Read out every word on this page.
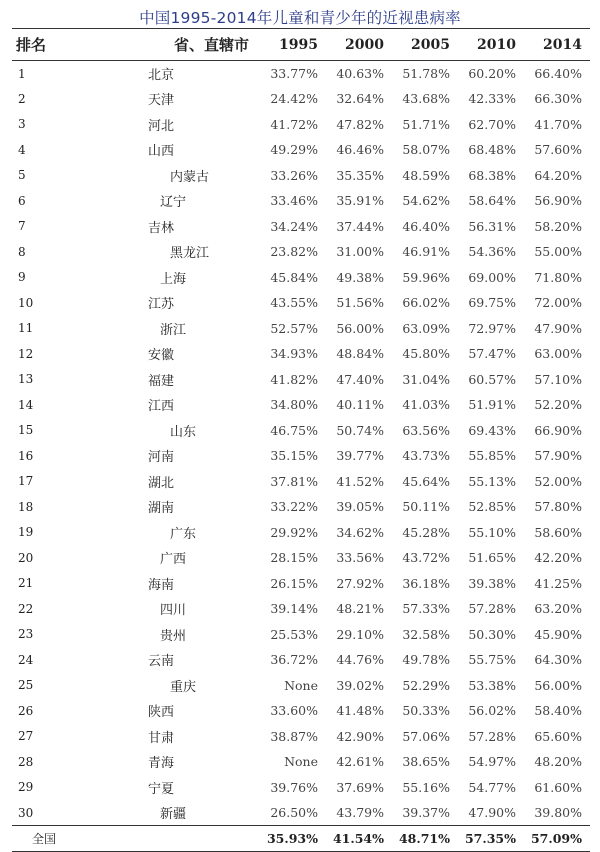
中国1995-2014年儿童和青少年的近视患病率
排名	省、直辖市	1995	2000	2005	2010	2014
1	北京	33.77%	40.63%	51.78%	60.20%	66.40%
2	天津	24.42%	32.64%	43.68%	42.33%	66.30%
3	河北	41.72%	47.82%	51.71%	62.70%	41.70%
4	山西	49.29%	46.46%	58.07%	68.48%	57.60%
5	内蒙古	33.26%	35.35%	48.59%	68.38%	64.20%
6	辽宁	33.46%	35.91%	54.62%	58.64%	56.90%
7	吉林	34.24%	37.44%	46.40%	56.31%	58.20%
8	黑龙江	23.82%	31.00%	46.91%	54.36%	55.00%
9	上海	45.84%	49.38%	59.96%	69.00%	71.80%
10	江苏	43.55%	51.56%	66.02%	69.75%	72.00%
11	浙江	52.57%	56.00%	63.09%	72.97%	47.90%
12	安徽	34.93%	48.84%	45.80%	57.47%	63.00%
13	福建	41.82%	47.40%	31.04%	60.57%	57.10%
14	江西	34.80%	40.11%	41.03%	51.91%	52.20%
15	山东	46.75%	50.74%	63.56%	69.43%	66.90%
16	河南	35.15%	39.77%	43.73%	55.85%	57.90%
17	湖北	37.81%	41.52%	45.64%	55.13%	52.00%
18	湖南	33.22%	39.05%	50.11%	52.85%	57.80%
19	广东	29.92%	34.62%	45.28%	55.10%	58.60%
20	广西	28.15%	33.56%	43.72%	51.65%	42.20%
21	海南	26.15%	27.92%	36.18%	39.38%	41.25%
22	四川	39.14%	48.21%	57.33%	57.28%	63.20%
23	贵州	25.53%	29.10%	32.58%	50.30%	45.90%
24	云南	36.72%	44.76%	49.78%	55.75%	64.30%
25	重庆	None	39.02%	52.29%	53.38%	56.00%
26	陕西	33.60%	41.48%	50.33%	56.02%	58.40%
27	甘肃	38.87%	42.90%	57.06%	57.28%	65.60%
28	青海	None	42.61%	38.65%	54.97%	48.20%
29	宁夏	39.76%	37.69%	55.16%	54.77%	61.60%
30	新疆	26.50%	43.79%	39.37%	47.90%	39.80%
全国		35.93%	41.54%	48.71%	57.35%	57.09%
